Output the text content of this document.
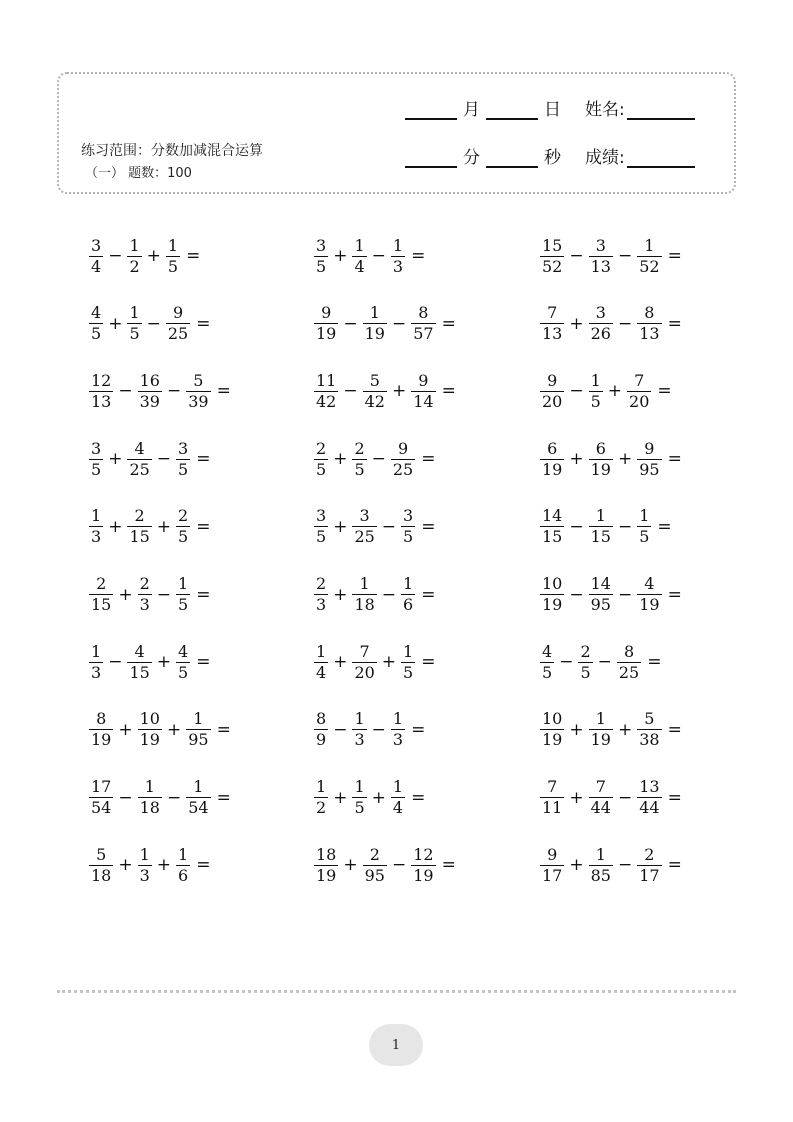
练习范围：分数加减混合运算
（一） 题数：100
月	日 姓名:
分	秒 成绩:
$\frac{3}{4} - \frac{1}{2} + \frac{1}{5}$ =	$\frac{3}{5} + \frac{1}{4} - \frac{1}{3}$ =	$\frac{15}{52} - \frac{3}{13} - \frac{1}{52}$ =
$\frac{4}{5} + \frac{1}{5} - \frac{9}{25}$ =	$\frac{9}{19} - \frac{1}{19} - \frac{8}{57}$ =	$\frac{7}{13} + \frac{3}{26} - \frac{8}{13}$ =
$\frac{12}{13} - \frac{16}{39} - \frac{5}{39}$ =	$\frac{11}{42} - \frac{5}{42} + \frac{9}{14}$ =	$\frac{9}{20} - \frac{1}{5} + \frac{7}{20}$ =
$\frac{3}{5} + \frac{4}{25} - \frac{3}{5}$ =	$\frac{2}{5} + \frac{2}{5} - \frac{9}{25}$ =	$\frac{6}{19} + \frac{6}{19} + \frac{9}{95}$ =
$\frac{1}{3} + \frac{2}{15} + \frac{2}{5}$ =	$\frac{3}{5} + \frac{3}{25} - \frac{3}{5}$ =	$\frac{14}{15} - \frac{1}{15} - \frac{1}{5}$ =
$\frac{2}{15} + \frac{2}{3} - \frac{1}{5}$ =	$\frac{2}{3} + \frac{1}{18} - \frac{1}{6}$ =	$\frac{10}{19} - \frac{14}{95} - \frac{4}{19}$ =
$\frac{1}{3} - \frac{4}{15} + \frac{4}{5}$ =	$\frac{1}{4} + \frac{7}{20} + \frac{1}{5}$ =	$\frac{4}{5} - \frac{2}{5} - \frac{8}{25}$ =
$\frac{8}{19} + \frac{10}{19} + \frac{1}{95}$ =	$\frac{8}{9} - \frac{1}{3} - \frac{1}{3}$ =	$\frac{10}{19} + \frac{1}{19} + \frac{5}{38}$ =
$\frac{17}{54} - \frac{1}{18} - \frac{1}{54}$ =	$\frac{1}{2} + \frac{1}{5} + \frac{1}{4}$ =	$\frac{7}{11} + \frac{7}{44} - \frac{13}{44}$ =
$\frac{5}{18} + \frac{1}{3} + \frac{1}{6}$ =	$\frac{18}{19} + \frac{2}{95} - \frac{12}{19}$ =	$\frac{9}{17} + \frac{1}{85} - \frac{2}{17}$ =
1
